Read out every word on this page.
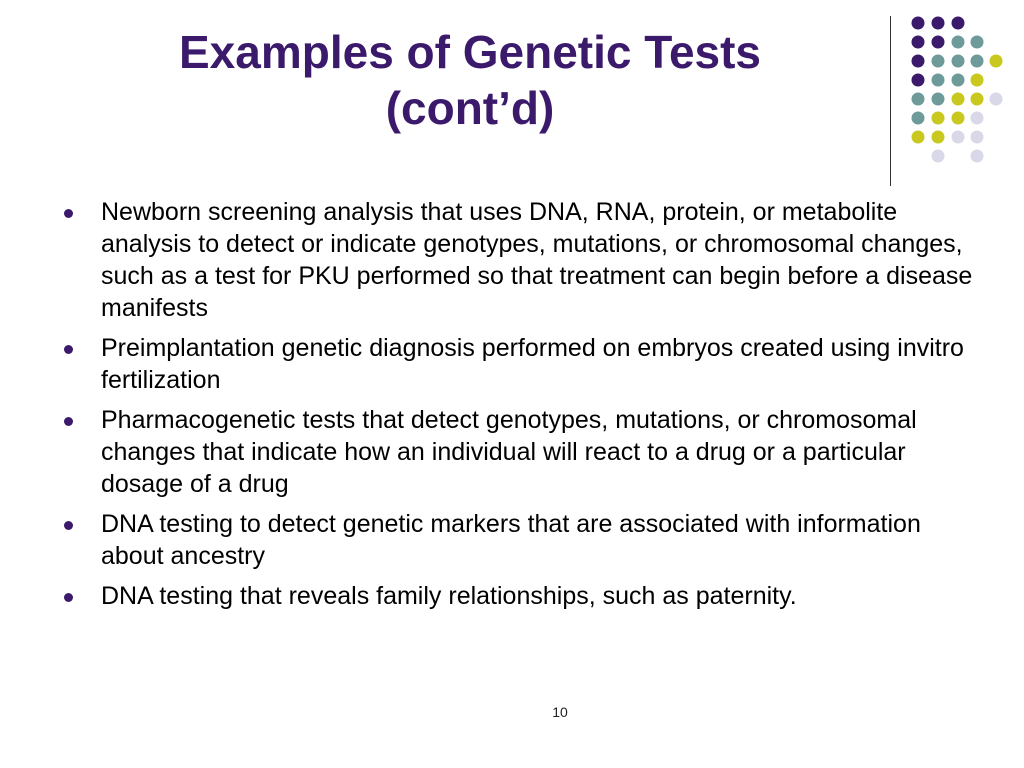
Examples of Genetic Tests
(cont’d)
Newborn screening analysis that uses DNA, RNA, protein, or metabolite analysis to detect or indicate genotypes, mutations, or chromosomal changes, such as a test for PKU performed so that treatment can begin before a disease manifests
Preimplantation genetic diagnosis performed on embryos created using invitro fertilization
Pharmacogenetic tests that detect genotypes, mutations, or chromosomal changes that indicate how an individual will react to a drug or a particular dosage of a drug
DNA testing to detect genetic markers that are associated with information about ancestry
DNA testing that reveals family relationships, such as paternity.
10
